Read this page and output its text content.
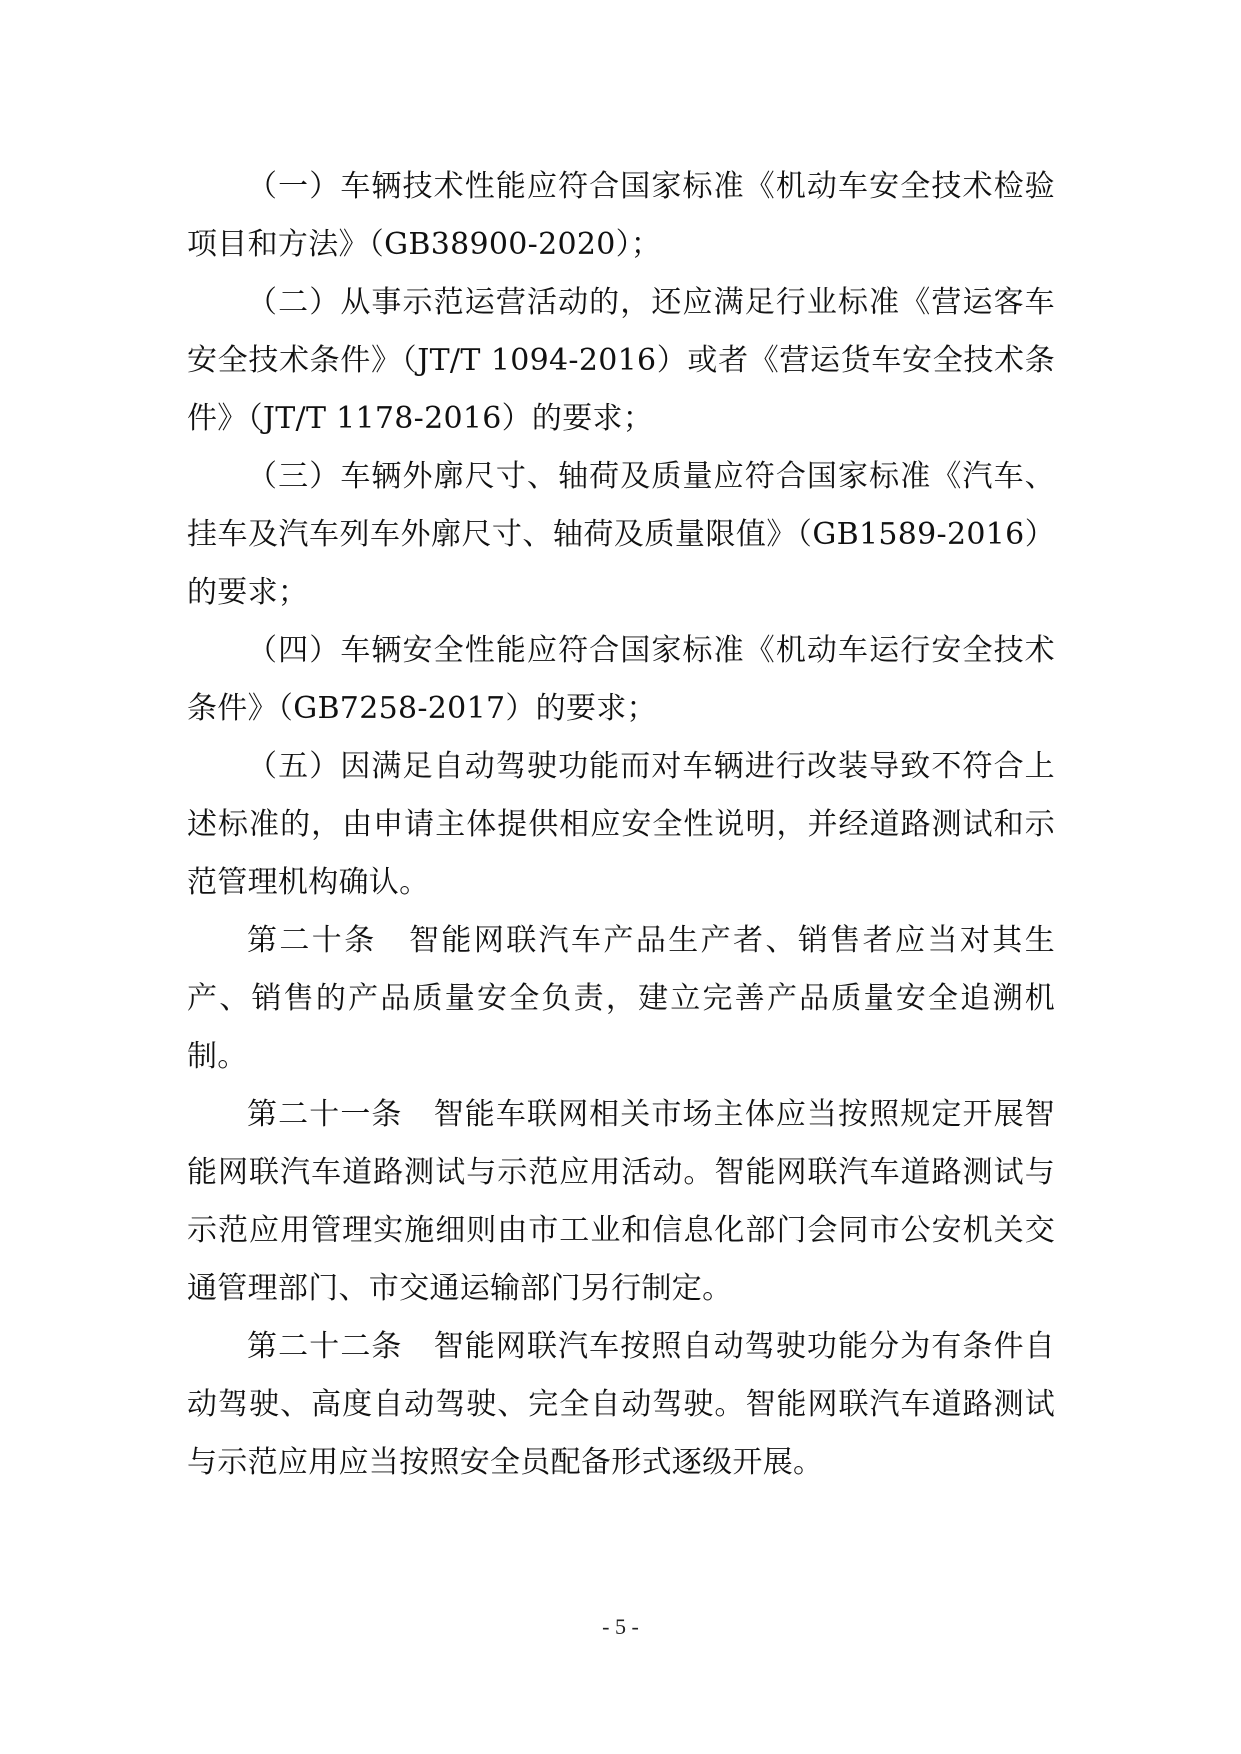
（一）车辆技术性能应符合国家标准《机动车安全技术检验项目和方法》（GB38900-2020）；

（二）从事示范运营活动的，还应满足行业标准《营运客车安全技术条件》（JT/T 1094-2016）或者《营运货车安全技术条件》（JT/T 1178-2016）的要求；

（三）车辆外廓尺寸、轴荷及质量应符合国家标准《汽车、挂车及汽车列车外廓尺寸、轴荷及质量限值》（GB1589-2016）的要求；

（四）车辆安全性能应符合国家标准《机动车运行安全技术条件》（GB7258-2017）的要求；

（五）因满足自动驾驶功能而对车辆进行改装导致不符合上述标准的，由申请主体提供相应安全性说明，并经道路测试和示范管理机构确认。

第二十条　智能网联汽车产品生产者、销售者应当对其生产、销售的产品质量安全负责，建立完善产品质量安全追溯机制。

第二十一条　智能车联网相关市场主体应当按照规定开展智能网联汽车道路测试与示范应用活动。智能网联汽车道路测试与示范应用管理实施细则由市工业和信息化部门会同市公安机关交通管理部门、市交通运输部门另行制定。

第二十二条　智能网联汽车按照自动驾驶功能分为有条件自动驾驶、高度自动驾驶、完全自动驾驶。智能网联汽车道路测试与示范应用应当按照安全员配备形式逐级开展。

- 5 -
